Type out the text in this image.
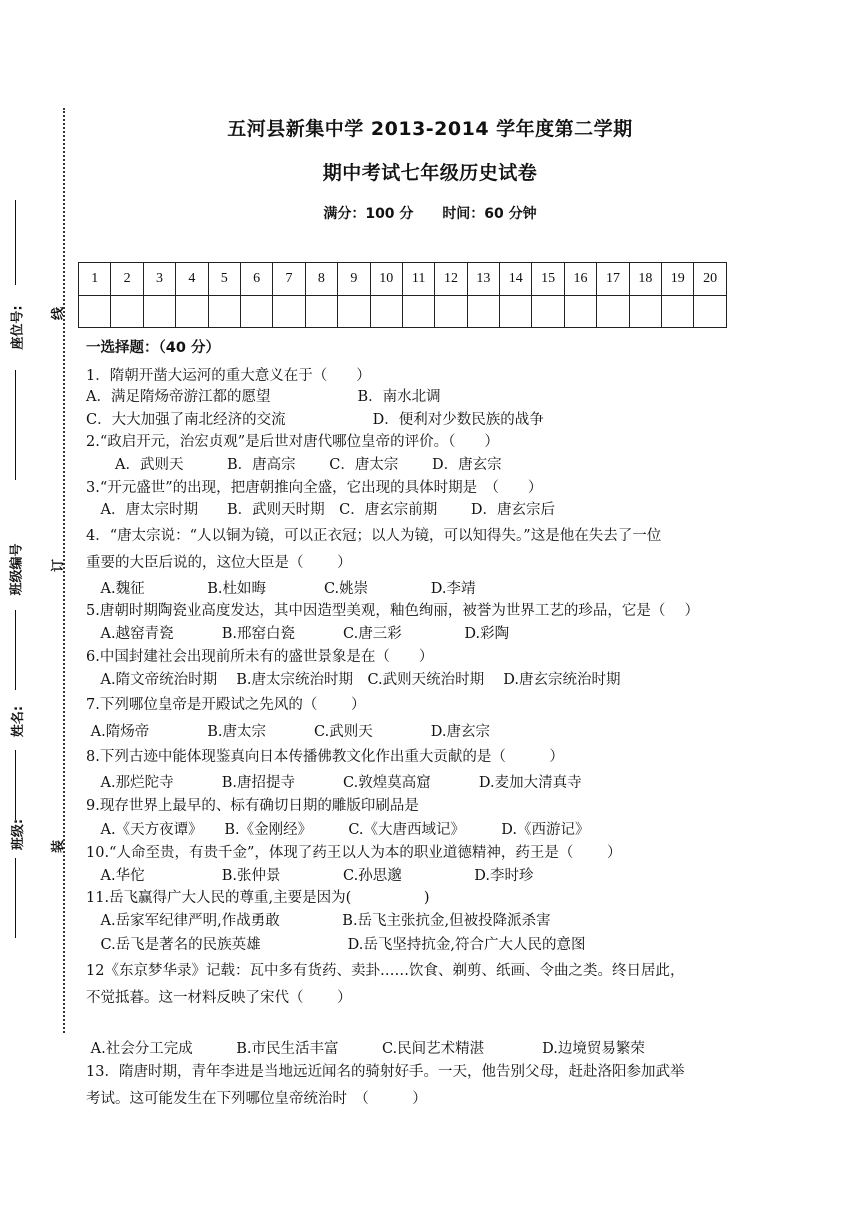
座位号:
班级编号
姓名:
班级:
线
订
装
五河县新集中学 2013-2014 学年度第二学期
期中考试七年级历史试卷
满分：100 分 时间：60 分钟
1	2	3	4	5	6	7	8	9	10	11	12	13	14	15	16	17	18	19	20

一选择题：（40 分）
1．隋朝开凿大运河的重大意义在于（　　）
A．满足隋炀帝游江都的愿望　　　　　　B．南水北调
C．大大加强了南北经济的交流　　　　　　D．便利对少数民族的战争
2.“政启开元，治宏贞观”是后世对唐代哪位皇帝的评价。（　　）
　　A．武则天　　　B．唐高宗　　 C．唐太宗　　 D．唐玄宗
3.“开元盛世”的出现，把唐朝推向全盛，它出现的具体时期是　（　　）
　A．唐太宗时期　　B．武则天时期　C．唐玄宗前期　　 D．唐玄宗后
4．“唐太宗说：“人以铜为镜，可以正衣冠；以人为镜，可以知得失。”这是他在失去了一位
重要的大臣后说的，这位大臣是（　　 ）
　A.魏征　　　　 B.杜如晦　　　　C.姚崇　　　　 D.李靖
5.唐朝时期陶瓷业高度发达，其中因造型美观，釉色绚丽，被誉为世界工艺的珍品，它是（　 ）
　A.越窑青瓷　　　 B.邢窑白瓷　　　 C.唐三彩　　　　 D.彩陶
6.中国封建社会出现前所未有的盛世景象是在（　　）
　A.隋文帝统治时期　 B.唐太宗统治时期　C.武则天统治时期　 D.唐玄宗统治时期
7.下列哪位皇帝是开殿试之先风的（　　 ）
A.隋炀帝　　　　B.唐太宗　　　 C.武则天　　　　D.唐玄宗
8.下列古迹中能体现鉴真向日本传播佛教文化作出重大贡献的是（　　　）
　A.那烂陀寺　　　 B.唐招提寺　　　 C.敦煌莫高窟　　　 D.麦加大清真寺
9.现存世界上最早的、标有确切日期的雕版印刷品是
　A.《天方夜谭》　　B.《金刚经》　　　C.《大唐西域记》　　　D.《西游记》
10.“人命至贵，有贵千金”，体现了药王以人为本的职业道德精神，药王是（　　 ）
　A.华佗　　　　　 B.张仲景　　　　 C.孙思邈　　　　　D.李时珍
11.岳飞赢得广大人民的尊重,主要是因为(　　　　　)
　A.岳家军纪律严明,作战勇敢　　　　 B.岳飞主张抗金,但被投降派杀害
　C.岳飞是著名的民族英雄　　　　　　D.岳飞坚持抗金,符合广大人民的意图
12《东京梦华录》记载：瓦中多有货药、卖卦……饮食、剃剪、纸画、令曲之类。终日居此，
不觉抵暮。这一材料反映了宋代（　　 ）
A.社会分工完成　　　B.市民生活丰富　　　C.民间艺术精湛　　　　D.边境贸易繁荣
13．隋唐时期，青年李进是当地远近闻名的骑射好手。一天，他告别父母，赶赴洛阳参加武举
考试。这可能发生在下列哪位皇帝统治时　（　　　）
